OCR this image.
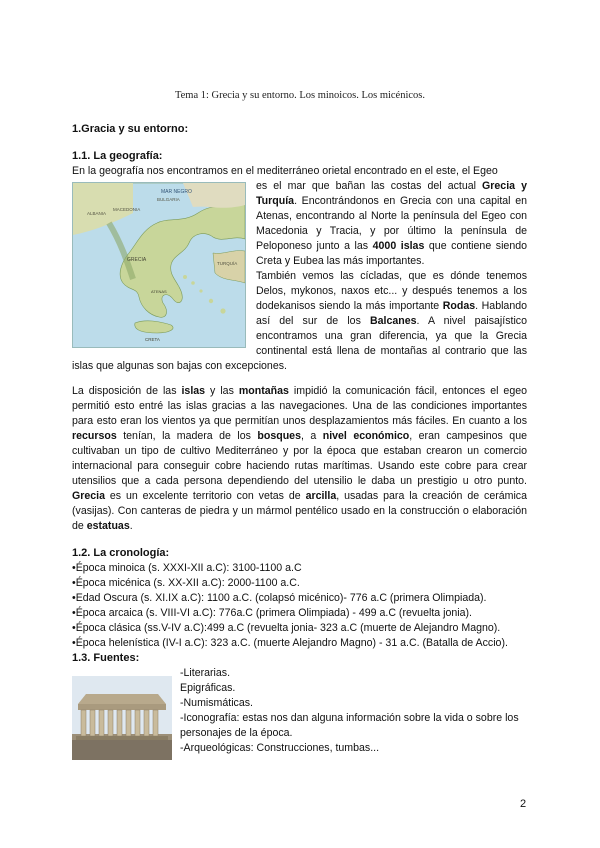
Tema 1: Grecia y su entorno. Los minoicos. Los micénicos.
1.Gracia y su entorno:
1.1. La geografía:

En la geografía nos encontramos en el mediterráneo orietal encontrado en el este, el Egeo

MAR NEGRO
BULGARIA
ALBANIA
MACEDONIA
GRECIA
TURQUÍA
ATENAS
CRETA

es el mar que bañan las costas del actual Grecia y Turquía. Encontrándonos en Grecia con una capital en Atenas, encontrando al Norte la península del Egeo con Macedonia y Tracia, y por último la península de Peloponeso junto a las 4000 islas que contiene siendo Creta y Eubea las más importantes.

También vemos las cícladas, que es dónde tenemos Delos, mykonos, naxos etc... y después tenemos a los dodekanisos siendo la más importante Rodas. Hablando así del sur de los Balcanes. A nivel paisajístico encontramos una gran diferencia, ya que la Grecia continental está llena de montañas al contrario que las islas que algunas son bajas con excepciones.

La disposición de las islas y las montañas impidió la comunicación fácil, entonces el egeo permitió esto entré las islas gracias a las navegaciones. Una de las condiciones importantes para esto eran los vientos ya que permitían unos desplazamientos más fáciles. En cuanto a los recursos tenían, la madera de los bosques, a nivel económico, eran campesinos que cultivaban un tipo de cultivo Mediterráneo y por la época que estaban crearon un comercio internacional para conseguir cobre haciendo rutas marítimas. Usando este cobre para crear utensilios que a cada persona dependiendo del utensilio le daba un prestigio u otro punto. Grecia es un excelente territorio con vetas de arcilla, usadas para la creación de cerámica (vasijas). Con canteras de piedra y un mármol pentélico usado en la construcción o elaboración de estatuas.

1.2. La cronología:

•Época minoica (s. XXXI-XII a.C): 3100-1100 a.C

•Época micénica (s. XX-XII a.C): 2000-1100 a.C.

•Edad Oscura (s. XI.IX a.C): 1100 a.C. (colapsó micénico)- 776 a.C (primera Olimpiada).

•Época arcaica (s. VIII-VI a.C): 776a.C (primera Olimpiada) - 499 a.C (revuelta jonia).

•Época clásica (ss.V-IV a.C):499 a.C (revuelta jonia- 323 a.C (muerte de Alejandro Magno).

•Época helenística (IV-I a.C): 323 a.C. (muerte Alejandro Magno) - 31 a.C. (Batalla de Accio).

1.3. Fuentes:

-Literarias.

Epigráficas.

-Numismáticas.

-Iconografía: estas nos dan alguna información sobre la vida o sobre los personajes de la época.

-Arqueológicas: Construcciones, tumbas...

2
